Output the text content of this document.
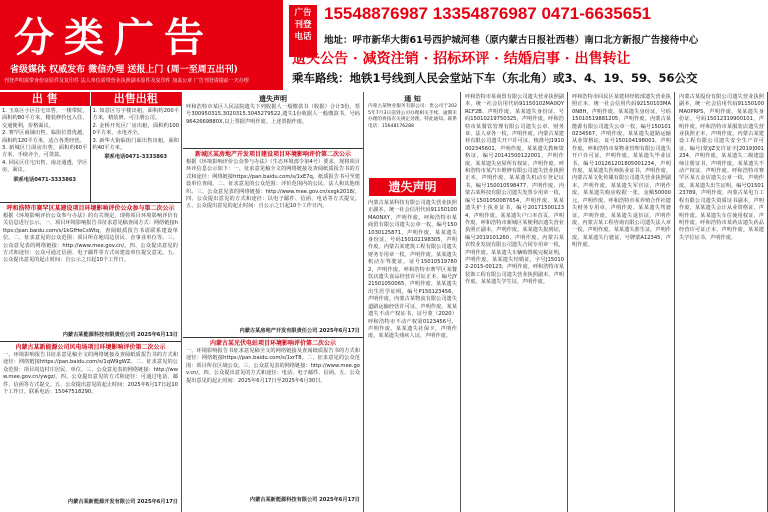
分类广告
省级媒体 权威发布 微信办理 送报上门 (周一至周五出刊)
刊登声明需带身份证原件及复印件 法人单位需带营业执照副本原件及复印件 加盖公章 广告刊登请提前一天办理
广告
刊登
电话
15548876987 13354876987 0471-6635651
地址：呼市新华大街61号西护城河巷（原内蒙古日报社西巷）南口北方新报广告接待中心
遗失公告 · 减资注销 · 招标环评 · 结婚启事 · 出售转让
乘车路线：地铁1号线到人民会堂站下车（东北角）或3、4、19、59、56公交
出 售	出售出租
1. 玉泉区小区住宅出售，一楼带院，面积约80平方米，精装修拎包入住，交通便利，价格面议。
2. 赛罕区商铺出售，临街位置优越，面积约120平方米，适合各类经营。
3. 新城区门面房出售，面积约60平方米，手续齐全，可贷款。
4. 回民区住宅出售，南北通透，学区房，面议。
联系电话0471-3333863
1. 如意区写字楼出租，面积约200平方米，精装修，可注册公司。
2. 金桥开发区厂房出租，面积约1000平方米，水电齐全。
3. 新华大街临街门面出售出租，面积约40平方米。
联系电话0471-3333863
呼和浩特市赛罕区某建设项目环境影响评价公众参与第二次公示
根据《环境影响评价公众参与办法》的有关规定，现将项目环境影响评价有关信息进行公示。一、项目环境影响报告书征求意见稿查阅方式：网络链接https://pan.baidu.com/s/1kGfHeCsWtq，查阅纸质报告书请联系建设单位。二、征求意见的公众范围：项目所在地周边居民、企事业单位等。三、公众意见表的网络链接：http://www.mee.gov.cn/。四、公众提出意见的方式和途径：公众可通过信函、电子邮件等方式向建设单位提交意见。五、公众提出意见的起止时间：自公示之日起10个工作日。
内蒙古某能源科技有限责任公司 2025年6月13日
内蒙古某新能源公司风电场项目环境影响评价第二次公示
一、环境影响报告书征求意见稿全文的网络链接及查阅纸质报告书的方式和途径：网络链接https://pan.baidu.com/s/1qW9gWZ。二、征求意见的公众范围：项目周边村庄居民、单位。三、公众意见表的网络链接：http://www.mee.gov.cn/ywgz/。四、公众提出意见的方式和途径：可通过电话、邮件、信函等方式提交。五、公众提出意见的起止时间：2025年6月17日起10个工作日。联系电话：15047518290。
内蒙古某新能源开发有限公司 2025年6月17日
遗失声明
呼和浩特市某区人民法院遗失下列收据人一般缴款书（收据）合计3份，票号300950315,3020315,3045279522,遗失1份收据人一般缴款书，号码9642669880X,以上票据声明作废。上述票据作废。
新城区某房地产开发项目建设项目环境影响评价第二次公示
根据《环境影响评价公众参与办法》（生态环境部令第4号）要求，现将项目环评信息公示如下：一、征求意见稿全文的网络链接及查阅纸质报告书的方式和途径：网络链接https://pan.baidu.com/s/1xE7q，纸质报告书可至建设单位查阅。二、征求意见的公众范围：评价范围内的公民、法人和其他组织。三、公众意见表的网络链接：http://www.mee.gov.cn/xxgk2018/。四、公众提出意见的方式和途径：以电子邮件、信函、电话等方式提交。五、公众提出意见的起止时间：自公示之日起10个工作日内。
内蒙古某房地产开发有限责任公司 2025年6月17日
内蒙古某光伏电站项目环境影响评价第二次公示
一、环境影响报告书征求意见稿全文的网络链接及查阅纸质报告书的方式和途径：网络链接https://pan.baidu.com/s/1xrT8。二、征求意见的公众范围：项目所在区域公众。三、公众意见表的网络链接：http://www.mee.gov.cn/。四、公众提出意见的方式和途径：电话、电子邮件、信函。五、公众提出意见的起止时间：2025年6月17日至2025年6月30日。
内蒙古某新能源科技有限公司 2025年6月17日
通 知
内蒙古某物业服务有限公司：贵公司于2025年7月3日前到公司办理相关手续，逾期未办理的将按有关规定处理。特此通知。联系电话：15648176288
遗失声明
内蒙古某某科技有限公司遗失营业执照正副本，统一社会信用代码91150100MA0NXY，声明作废。呼和浩特市某商贸有限公司遗失公章一枚，编号1501030125871，声明作废。某某遗失身份证，号码150102198305，声明作废。内蒙古某建筑工程有限公司遗失财务专用章一枚，声明作废。某某遗失机动车驾驶证，证号150105197802，声明作废。呼和浩特市赛罕区某餐饮店遗失食品经营许可证正本，编号JY21501050065，声明作废。某某遗失出生医学证明，编号P150123456，声明作废。内蒙古某物流有限公司遗失道路运输经营许可证，声明作废。某某遗失不动产权证书，证号蒙（2020）呼和浩特市不动产权第0123456号，声明作废。某某遗失社保卡，声明作废。某某遗失残疾人证，声明作废。
呼和浩特市某商贸有限公司遗失营业执照副本，统一社会信用代码91150102MA0QYRCF2B，声明作废。某某遗失身份证，号码15010219750325，声明作废。呼和浩特市某餐饮管理有限公司遗失公章、财务章、法人章各一枚，声明作废。内蒙古某建材有限公司遗失开户许可证，核准号J1910002345601，声明作废。某某遗失教师资格证，编号20141500122001，声明作废。某某遗失房屋所有权证，声明作废。呼和浩特市某汽车维修有限公司遗失营业执照正本，声明作废。某某遗失机动车登记证书，编号150010598477，声明作废。内蒙古某科技有限公司遗失发票专用章一枚，编号1501050087654，声明作废。某某遗失护士执业证书，编号201715001234，声明作废。某某遗失户口本首页，声明作废。呼和浩特市新城区某便利店遗失营业执照正副本，声明作废。某某遗失报到证，编号2019101260，声明作废。内蒙古某农牧业发展有限公司遗失合同专用章一枚，声明作废。某某遗失车辆购置税完税证明，声明作废。某某遗失结婚证，字号J150102-2015-00123，声明作废。呼和浩特市某装饰工程有限公司遗失营业执照副本，声明作废。某某遗失学生证，声明作废。
呼和浩特市回民区某建材经销部遗失营业执照正本，统一社会信用代码92150103MA0N8H，声明作废。某某遗失身份证，号码15010519881205，声明作废。内蒙古某能源有限公司遗失公章一枚，编号1501010234567，声明作废。某某遗失道路运输从业资格证，证号150104198001，声明作废。呼和浩特市某物业管理有限公司遗失开户许可证，声明作废。某某遗失毕业证书，编号101261201805001234，声明作废。某某遗失医师执业证书，声明作废。内蒙古某文化传媒有限公司遗失营业执照副本，声明作废。某某遗失军官证，声明作废。某某遗失购房收据一张，金额50000元，声明作废。呼和浩特市某养殖合作社遗失财务专用章，声明作废。某某遗失驾驶证，声明作废。某某遗失退伍证，声明作废。内蒙古某工程咨询有限公司遗失法人章一枚，声明作废。某某遗失准生证，声明作废。某某遗失行驶证，号牌蒙A12345，声明作废。
内蒙古某股份有限公司遗失营业执照副本，统一社会信用代码91150100MA0PRPS，声明作废。某某遗失身份证，号码15012319900101，声明作废。呼和浩特市某服装店遗失营业执照正本，声明作废。内蒙古某建设工程有限公司遗失安全生产许可证，编号(蒙)JZ安许证字[2019]001234，声明作废。某某遗失二级建造师注册证书，声明作废。某某遗失不动产权证，声明作废。呼和浩特市赛罕区某五金店遗失公章一枚，声明作废。某某遗失出生证明，编号Q150123789，声明作废。内蒙古某电力工程有限公司遗失资质证书副本，声明作废。某某遗失会计从业资格证，声明作废。某某遗失车位使用权证，声明作废。呼和浩特市某药店遗失药品经营许可证正本，声明作废。某某遗失学位证书，声明作废。
